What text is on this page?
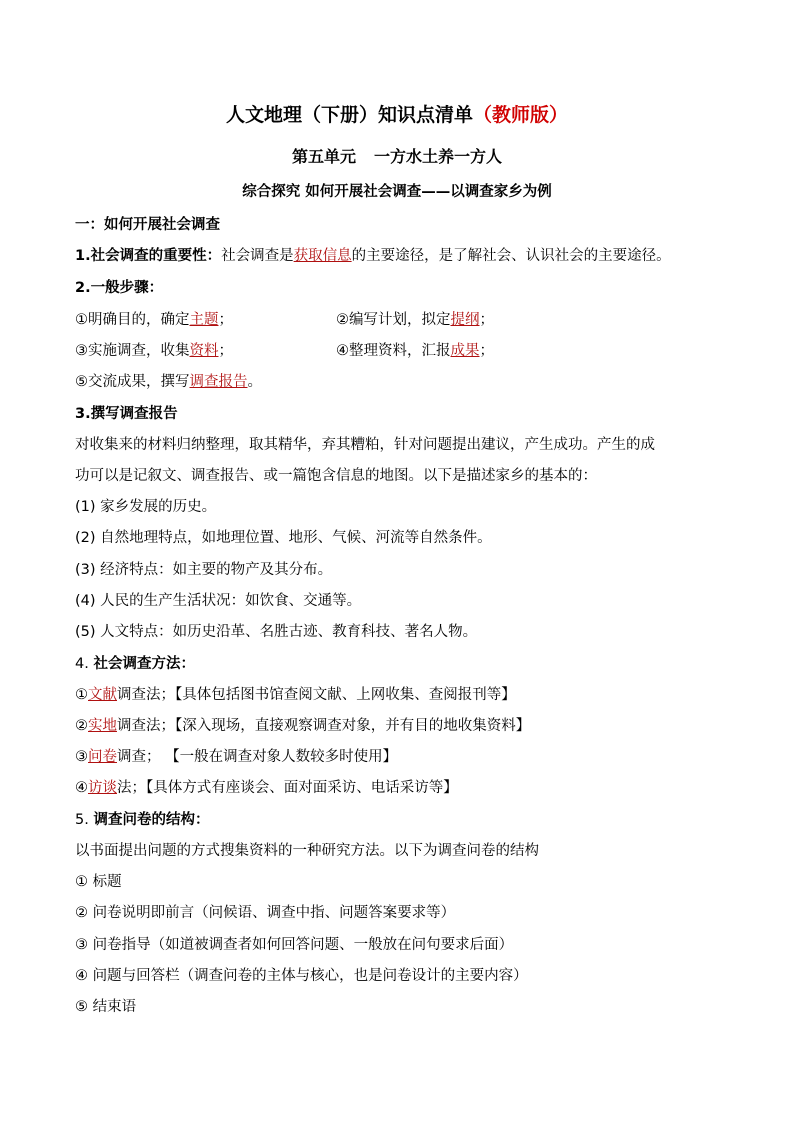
人文地理（下册）知识点清单（教师版）
第五单元 一方水土养一方人
综合探究 如何开展社会调查——以调查家乡为例
一：如何开展社会调查
1.社会调查的重要性：社会调查是获取信息的主要途径，是了解社会、认识社会的主要途径。
2.一般步骤：
①明确目的，确定主题；	②编写计划，拟定提纲；
③实施调查，收集资料；	④整理资料，汇报成果；
⑤交流成果，撰写调查报告。
3.撰写调查报告
对收集来的材料归纳整理，取其精华，弃其糟粕，针对问题提出建议，产生成功。产生的成
功可以是记叙文、调查报告、或一篇饱含信息的地图。以下是描述家乡的基本的：
(1) 家乡发展的历史。
(2) 自然地理特点，如地理位置、地形、气候、河流等自然条件。
(3) 经济特点：如主要的物产及其分布。
(4) 人民的生产生活状况：如饮食、交通等。
(5) 人文特点：如历史沿革、名胜古迹、教育科技、著名人物。
4. 社会调查方法：
①文献调查法；【具体包括图书馆查阅文献、上网收集、查阅报刊等】
②实地调查法；【深入现场，直接观察调查对象，并有目的地收集资料】
③问卷调查； 【一般在调查对象人数较多时使用】
④访谈法；【具体方式有座谈会、面对面采访、电话采访等】
5. 调查问卷的结构：
以书面提出问题的方式搜集资料的一种研究方法。以下为调查问卷的结构
① 标题
② 问卷说明即前言（问候语、调查中指、问题答案要求等）
③ 问卷指导（如道被调查者如何回答问题、一般放在问句要求后面）
④ 问题与回答栏（调查问卷的主体与核心，也是问卷设计的主要内容）
⑤ 结束语
